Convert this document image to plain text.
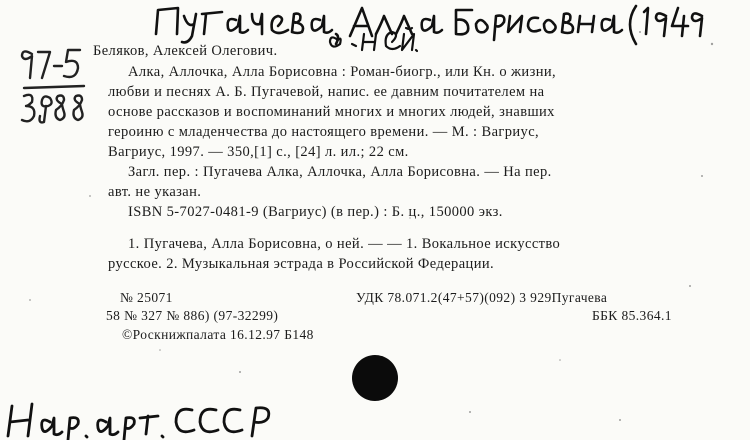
Беляков, Алексей Олегович.
Алка, Аллочка, Алла Борисовна : Роман-биогр., или Кн. о жизни,
любви и песнях А. Б. Пугачевой, напис. ее давним почитателем на
основе рассказов и воспоминаний многих и многих людей, знавших
героиню с младенчества до настоящего времени. — М. : Вагриус,
Вагриус, 1997. — 350,[1] с., [24] л. ил.; 22 см.
Загл. пер. : Пугачева Алка, Аллочка, Алла Борисовна. — На пер.
авт. не указан.
ISBN 5-7027-0481-9 (Вагриус) (в пер.) : Б. ц., 150000 экз.
1. Пугачева, Алла Борисовна, о ней. — — 1. Вокальное искусство
русское. 2. Музыкальная эстрада в Российской Федерации.
№ 25071	УДК 78.071.2(47+57)(092) 3 929Пугачева
58 № 327 № 886) (97-32299)	ББК 85.364.1
©Роскнижпалата 16.12.97 Б148
